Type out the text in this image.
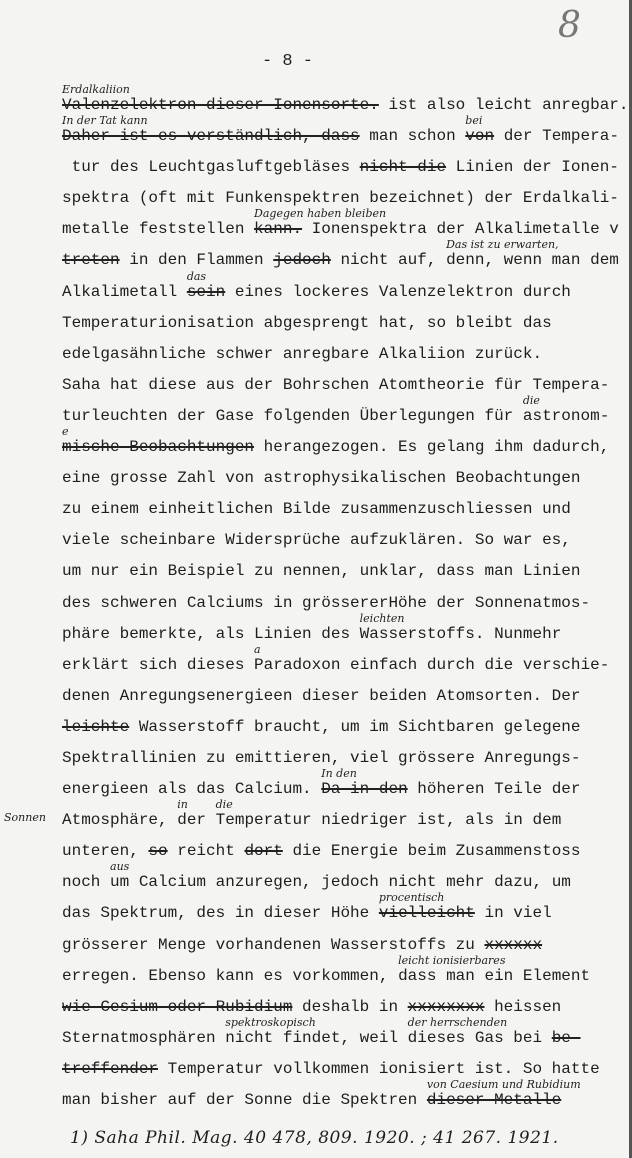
8
- 8 -
Sonnen
Valenzelektron dieser Ionensorte.
Erdalkaliion
ist also leicht anregbar.
Daher ist es verständlich, dass
In der Tat kann
man schon von
bei
der Tempera-
tur des Leuchtgasluftgebläses nicht die Linien der Ionen-
spektra (oft mit Funkenspektren bezeichnet) der Erdalkali-
metalle feststellen kann.
Dagegen haben bleiben
Ionenspektra der Alkalimetalle v
treten in den Flammen jedoch nicht auf, denn, wenn man dem
Das ist zu erwarten,
Alkalimetall sein
das
eines lockeres Valenzelektron durch
Temperaturionisation abgesprengt hat, so bleibt das
edelgasähnliche schwer anregbare Alkaliion zurück.
Saha hat diese aus der Bohrschen Atomtheorie für Tempera-
turleuchten der Gase folgenden Überlegungen für astronom-
die
mische Beobachtungen
e
herangezogen. Es gelang ihm dadurch,
eine grosse Zahl von astrophysikalischen Beobachtungen
zu einem einheitlichen Bilde zusammenzuschliessen und
viele scheinbare Widersprüche aufzuklären. So war es,
um nur ein Beispiel zu nennen, unklar, dass man Linien
des schweren Calciums in grössererHöhe der Sonnenatmos-
phäre bemerkte, als Linien des Wasserstoffs. Nunmehr
leichten
erklärt sich dieses Paradoxon
a
einfach durch die verschie-
denen Anregungsenergieen dieser beiden Atomsorten. Der
leichte Wasserstoff braucht, um im Sichtbaren gelegene
Spektrallinien zu emittieren, viel grössere Anregungs-
energieen als das Calcium. Da in den
In den
höheren Teile der
Atmosphäre, der
in
Temperatur
die
niedriger ist, als in dem
unteren, so reicht dort die Energie beim Zusammenstoss
noch um
aus
Calcium anzuregen, jedoch nicht mehr dazu, um
das Spektrum, des in dieser Höhe vielleicht
procentisch
in viel
grösserer Menge vorhandenen Wasserstoffs zu xxxxxx
erregen. Ebenso kann es vorkommen, dass man ein Element
leicht ionisierbares
wie Cesium oder Rubidium deshalb in xxxxxxxx heissen
Sternatmosphären nicht findet, weil
spektroskopisch
dieses Gas bei
der herrschenden
be-
treffender Temperatur vollkommen ionisiert ist. So hatte
man bisher auf der Sonne die Spektren dieser Metalle
von Caesium und Rubidium
1) Saha Phil. Mag. 40 478, 809. 1920. ; 41 267. 1921.
